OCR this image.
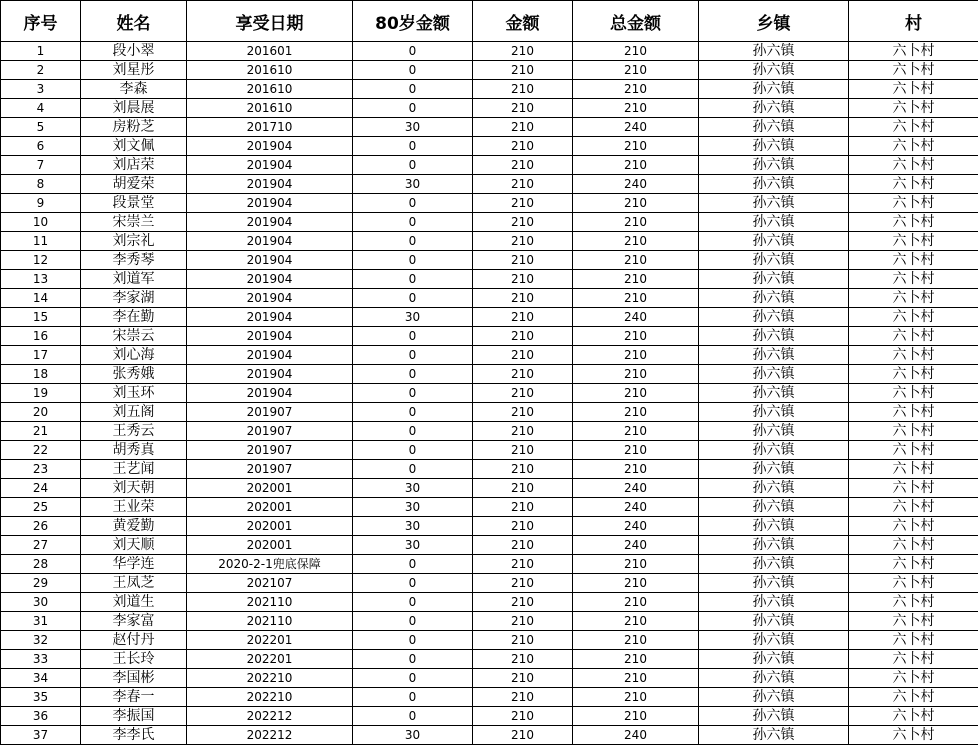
序号	姓名	享受日期	80岁金额	金额	总金额	乡镇	村
1	段小翠	201601	0	210	210	孙六镇	六卜村
2	刘星彤	201610	0	210	210	孙六镇	六卜村
3	李森	201610	0	210	210	孙六镇	六卜村
4	刘晨展	201610	0	210	210	孙六镇	六卜村
5	房粉芝	201710	30	210	240	孙六镇	六卜村
6	刘文佩	201904	0	210	210	孙六镇	六卜村
7	刘店荣	201904	0	210	210	孙六镇	六卜村
8	胡爱荣	201904	30	210	240	孙六镇	六卜村
9	段景堂	201904	0	210	210	孙六镇	六卜村
10	宋崇兰	201904	0	210	210	孙六镇	六卜村
11	刘宗礼	201904	0	210	210	孙六镇	六卜村
12	李秀琴	201904	0	210	210	孙六镇	六卜村
13	刘道军	201904	0	210	210	孙六镇	六卜村
14	李家湖	201904	0	210	210	孙六镇	六卜村
15	李在勤	201904	30	210	240	孙六镇	六卜村
16	宋崇云	201904	0	210	210	孙六镇	六卜村
17	刘心海	201904	0	210	210	孙六镇	六卜村
18	张秀娥	201904	0	210	210	孙六镇	六卜村
19	刘玉环	201904	0	210	210	孙六镇	六卜村
20	刘五阁	201907	0	210	210	孙六镇	六卜村
21	王秀云	201907	0	210	210	孙六镇	六卜村
22	胡秀真	201907	0	210	210	孙六镇	六卜村
23	王艺闻	201907	0	210	210	孙六镇	六卜村
24	刘天朝	202001	30	210	240	孙六镇	六卜村
25	王业荣	202001	30	210	240	孙六镇	六卜村
26	黄爱勤	202001	30	210	240	孙六镇	六卜村
27	刘天顺	202001	30	210	240	孙六镇	六卜村
28	华学连	2020-2-1兜底保障	0	210	210	孙六镇	六卜村
29	王凤芝	202107	0	210	210	孙六镇	六卜村
30	刘道生	202110	0	210	210	孙六镇	六卜村
31	李家富	202110	0	210	210	孙六镇	六卜村
32	赵付丹	202201	0	210	210	孙六镇	六卜村
33	王长玲	202201	0	210	210	孙六镇	六卜村
34	李国彬	202210	0	210	210	孙六镇	六卜村
35	李春一	202210	0	210	210	孙六镇	六卜村
36	李振国	202212	0	210	210	孙六镇	六卜村
37	李李氏	202212	30	210	240	孙六镇	六卜村
